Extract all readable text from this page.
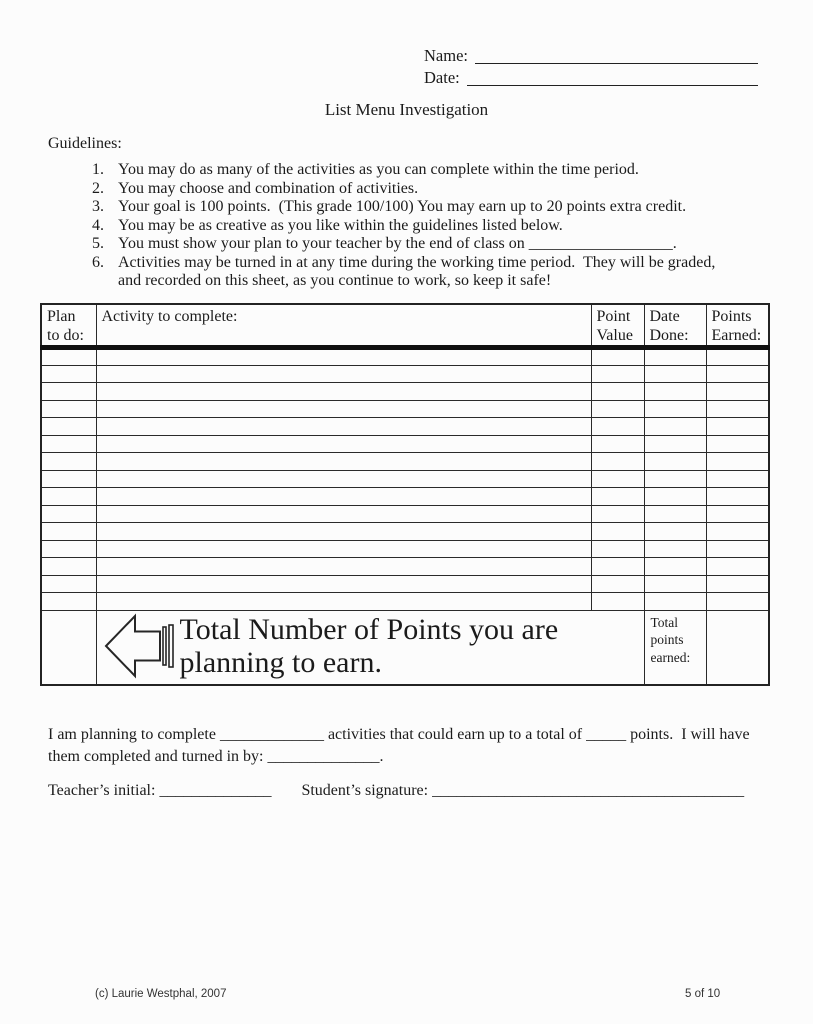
Name:
Date:
List Menu Investigation
Guidelines:
1. You may do as many of the activities as you can complete within the time period.
2. You may choose and combination of activities.
3. Your goal is 100 points.  (This grade 100/100) You may earn up to 20 points extra credit.
4. You may be as creative as you like within the guidelines listed below.
5. You must show your plan to your teacher by the end of class on __________________.
6. Activities may be turned in at any time during the working time period.  They will be graded, and recorded on this sheet, as you continue to work, so keep it safe!
Plan to do:	Activity to complete:	Point Value	Date Done:	Points Earned:

	Total Number of Points you are planning to earn.		Total points earned:	
I am planning to complete _____________ activities that could earn up to a total of _____ points.  I will have them completed and turned in by: ______________.
Teacher’s initial: ______________ Student’s signature: _______________________________________
(c) Laurie Westphal, 2007	5 of 10
